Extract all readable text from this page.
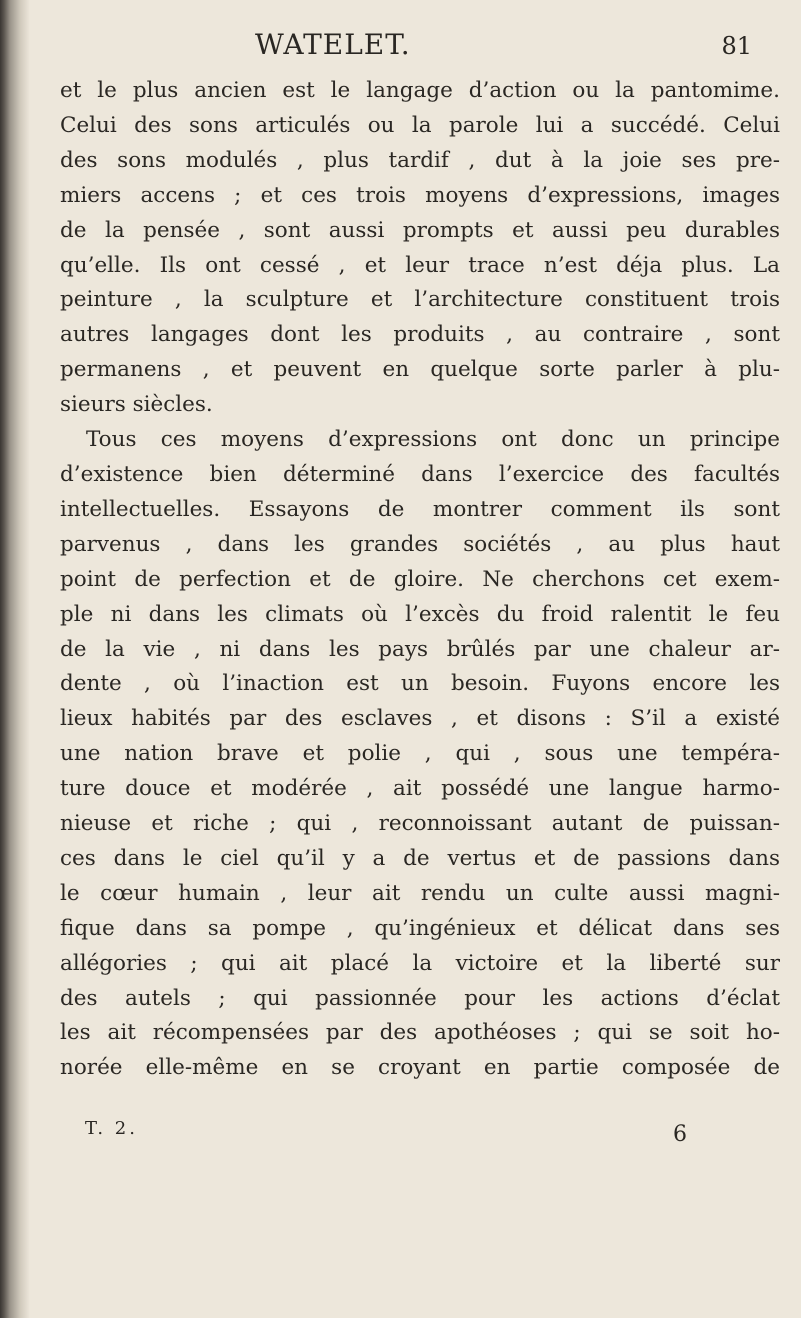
WATELET.	81
et le plus ancien est le langage d’action ou la pantomime.
Celui des sons articulés ou la parole lui a succédé. Celui
des sons modulés , plus tardif , dut à la joie ses pre-
miers accens ; et ces trois moyens d’expressions, images
de la pensée , sont aussi prompts et aussi peu durables
qu’elle. Ils ont cessé , et leur trace n’est déja plus. La
peinture , la sculpture et l’architecture constituent trois
autres langages dont les produits , au contraire , sont
permanens , et peuvent en quelque sorte parler à plu-
sieurs siècles.
Tous ces moyens d’expressions ont donc un principe
d’existence bien déterminé dans l’exercice des facultés
intellectuelles. Essayons de montrer comment ils sont
parvenus , dans les grandes sociétés , au plus haut
point de perfection et de gloire. Ne cherchons cet exem-
ple ni dans les climats où l’excès du froid ralentit le feu
de la vie , ni dans les pays brûlés par une chaleur ar-
dente , où l’inaction est un besoin. Fuyons encore les
lieux habités par des esclaves , et disons : S’il a existé
une nation brave et polie , qui , sous une tempéra-
ture douce et modérée , ait possédé une langue harmo-
nieuse et riche ; qui , reconnoissant autant de puissan-
ces dans le ciel qu’il y a de vertus et de passions dans
le cœur humain , leur ait rendu un culte aussi magni-
fique dans sa pompe , qu’ingénieux et délicat dans ses
allégories ; qui ait placé la victoire et la liberté sur
des autels ; qui passionnée pour les actions d’éclat
les ait récompensées par des apothéoses ; qui se soit ho-
norée elle-même en se croyant en partie composée de
T. 2.	6
